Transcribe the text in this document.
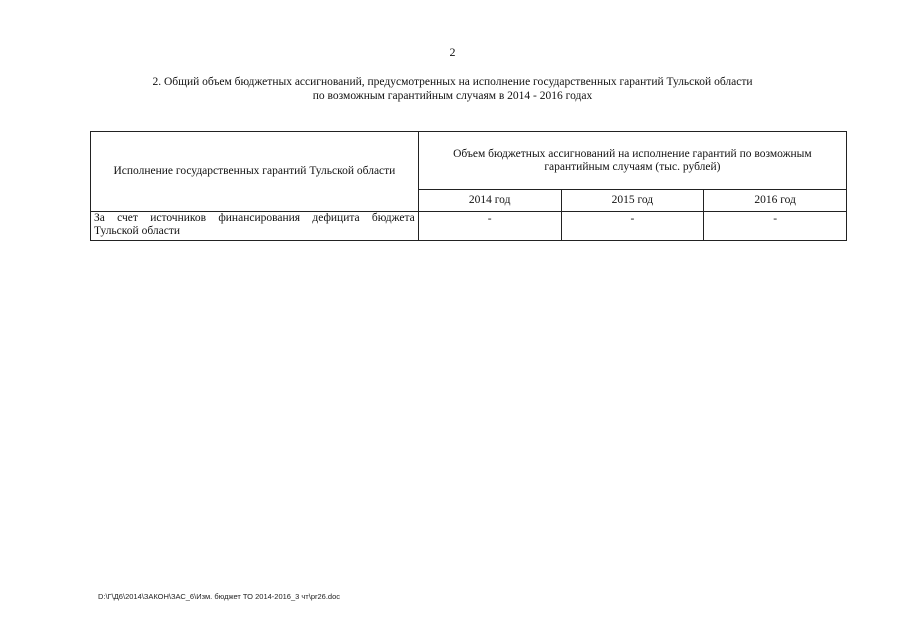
2
2. Общий объем бюджетных ассигнований, предусмотренных на исполнение государственных гарантий Тульской области
по возможным гарантийным случаям в 2014 - 2016 годах
Исполнение государственных гарантий Тульской области	Объем бюджетных ассигнований на исполнение гарантий по возможным гарантийным случаям (тыс. рублей)		
	2014 год	2015 год	2016 год
За счет источников финансирования дефицита бюджета Тульской области	-	-	-
D:\Г\Д6\2014\ЗАКОН\ЗАС_6\Изм. бюджет ТО 2014-2016_3 чт\pr26.doc
